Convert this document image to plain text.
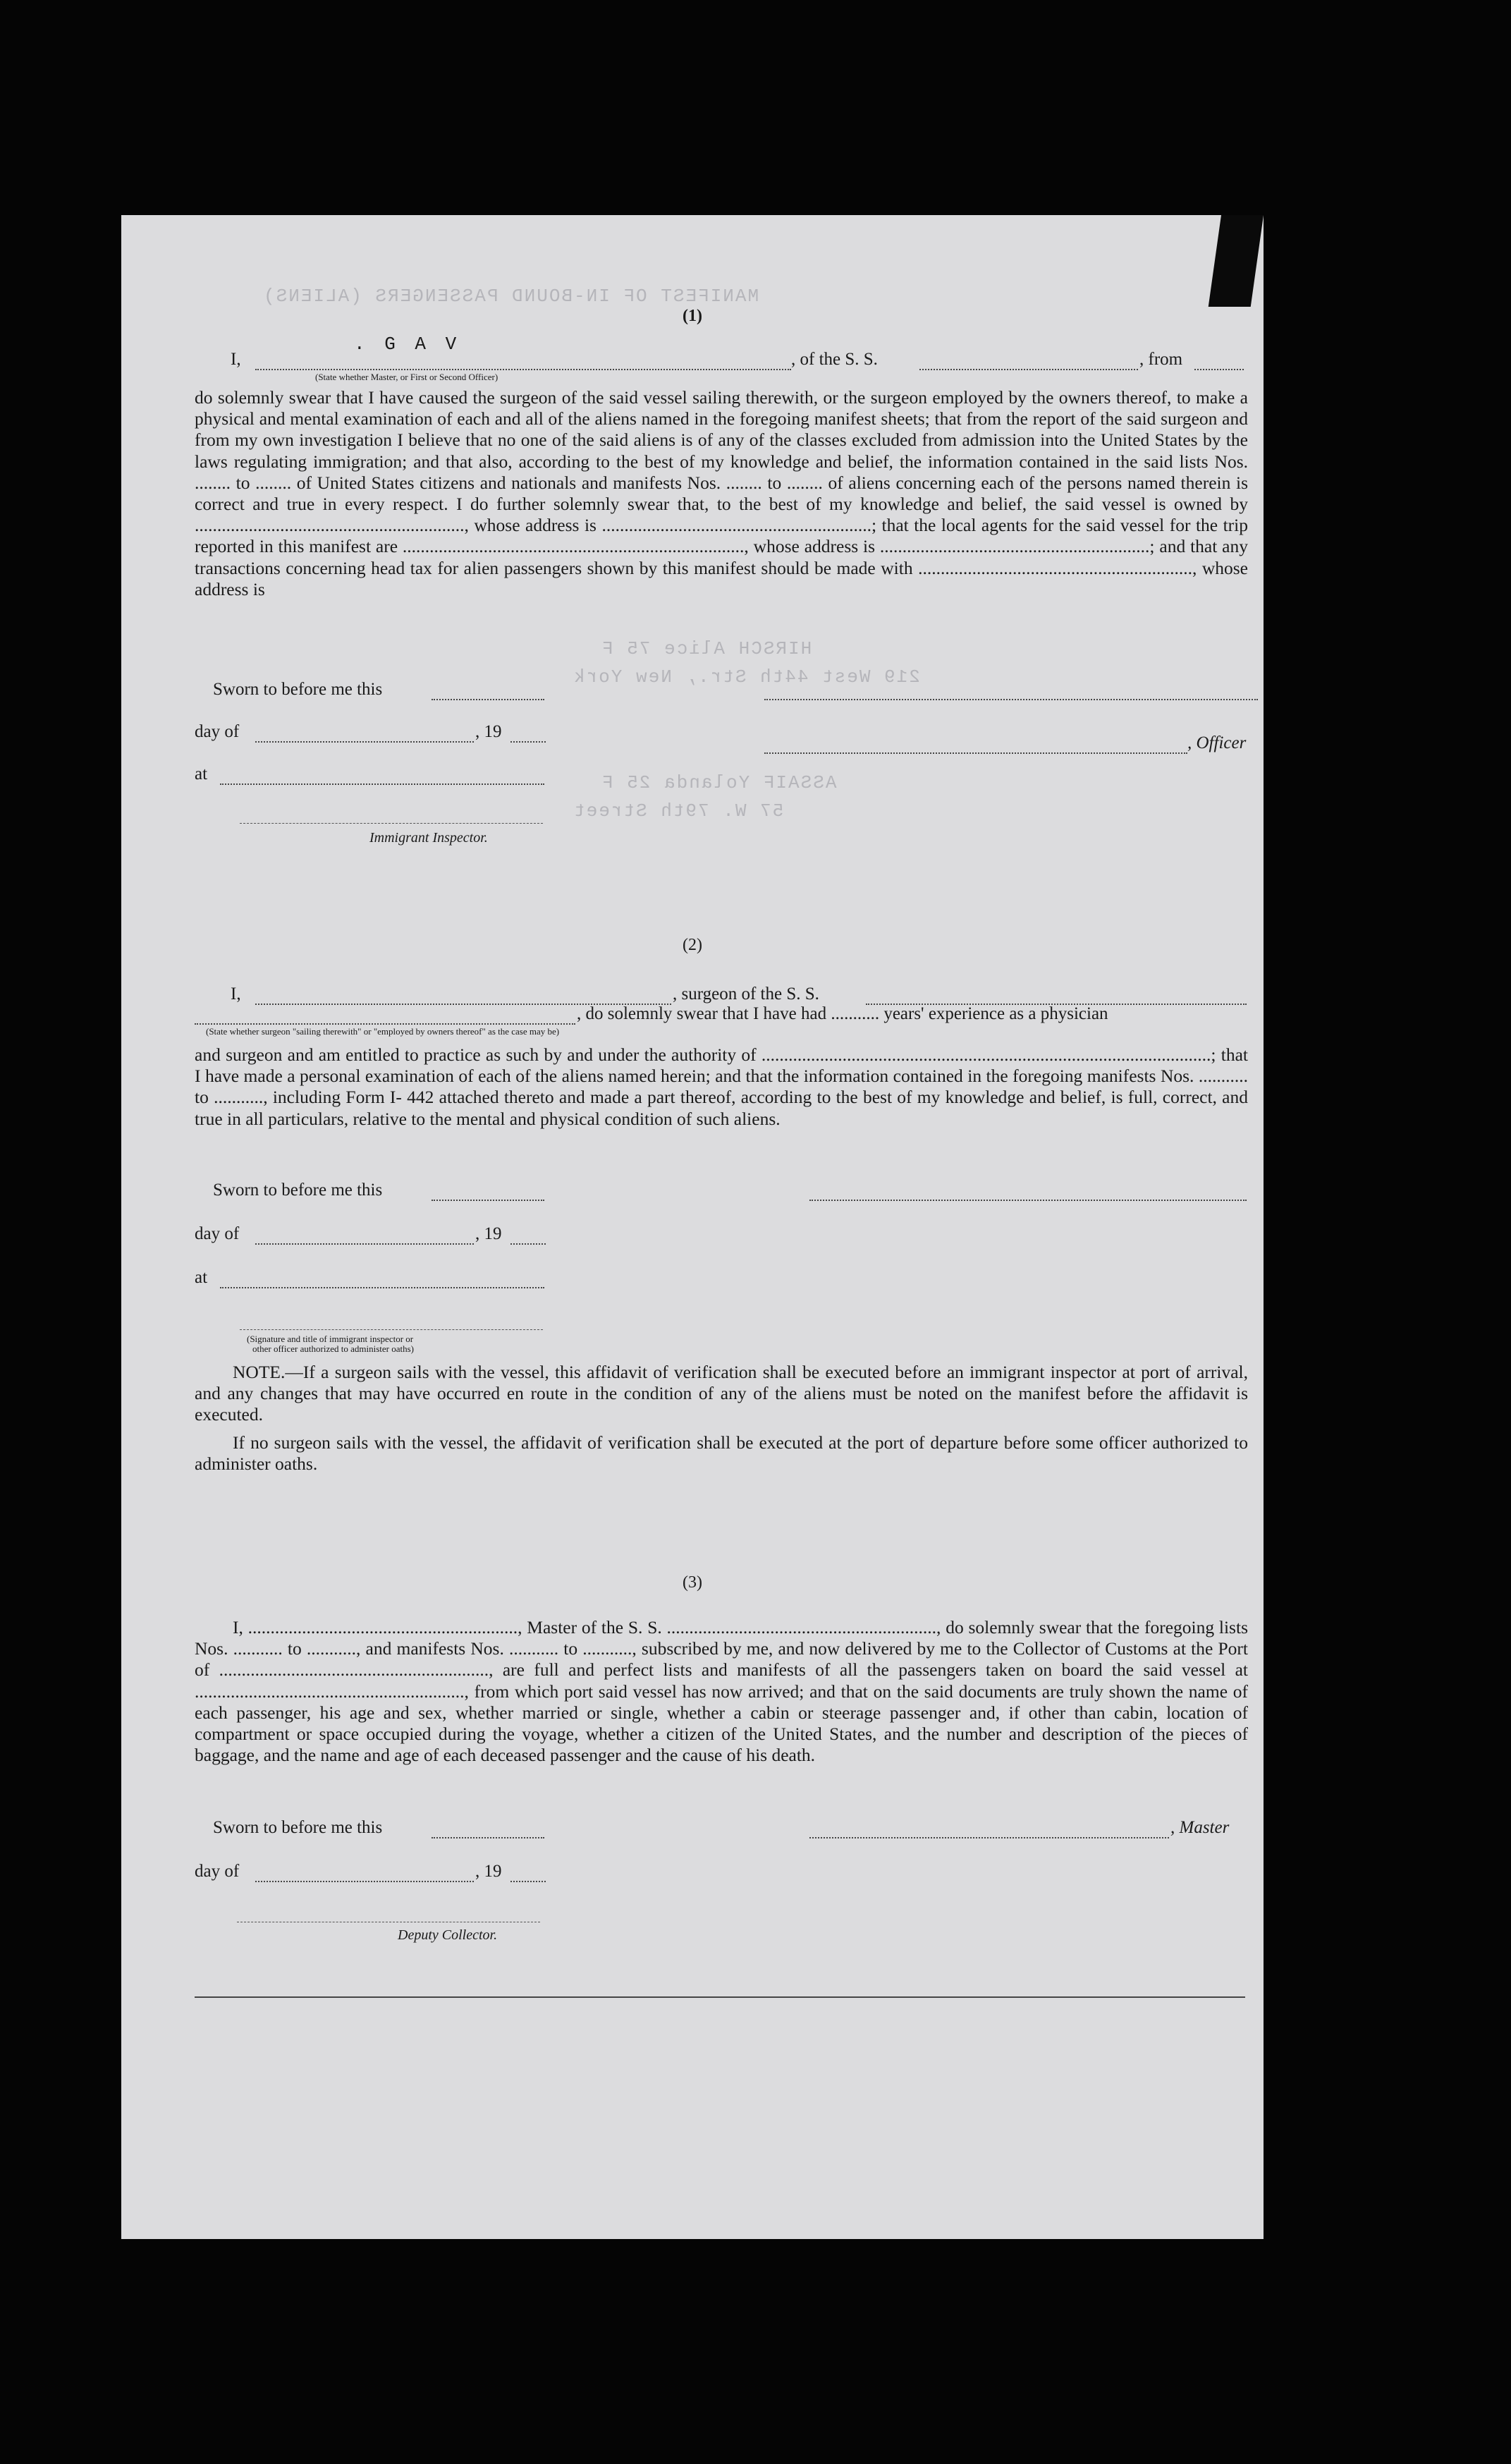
MANIFEST OF IN-BOUND PASSENGERS (ALIENS)
HIRSCH Alice 75 F
219 West 44th Str., New York
ASSAIF Yolanda 25 F
57 W. 79th Street
(1)
I,
. G A V
, of the S. S.	, from
(State whether Master, or First or Second Officer)

do solemnly swear that I have caused the surgeon of the said vessel sailing therewith, or the surgeon employed by the owners thereof, to make a physical and mental examination of each and all of the aliens named in the foregoing manifest sheets; that from the report of the said surgeon and from my own investigation I believe that no one of the said aliens is of any of the classes excluded from admission into the United States by the laws regulating immigration; and that also, according to the best of my knowledge and belief, the information contained in the said lists Nos. ........ to ........ of United States citizens and nationals and manifests Nos. ........ to ........ of aliens concerning each of the persons named therein is correct and true in every respect. I do further solemnly swear that, to the best of my knowledge and belief, the said vessel is owned by ............................................................, whose address is ............................................................; that the local agents for the said vessel for the trip reported in this manifest are ............................................................................, whose address is ............................................................; and that any transactions concerning head tax for alien passengers shown by this manifest should be made with ............................................................., whose address is

Sworn to before me this
day of	, 19
, Officer
at
Immigrant Inspector.
(2)
I,	, surgeon of the S. S.
, do solemnly swear that I have had ........... years' experience as a physician
(State whether surgeon "sailing therewith" or "employed by owners thereof" as the case may be)

and surgeon and am entitled to practice as such by and under the authority of ....................................................................................................; that I have made a personal examination of each of the aliens named herein; and that the information contained in the foregoing manifests Nos. ........... to ..........., including Form I- 442 attached thereto and made a part thereof, according to the best of my knowledge and belief, is full, correct, and true in all particulars, relative to the mental and physical condition of such aliens.

Sworn to before me this
day of	, 19
at
(Signature and title of immigrant inspector or
other officer authorized to administer oaths)

NOTE.—If a surgeon sails with the vessel, this affidavit of verification shall be executed before an immigrant inspector at port of arrival, and any changes that may have occurred en route in the condition of any of the aliens must be noted on the manifest before the affidavit is executed.

If no surgeon sails with the vessel, the affidavit of verification shall be executed at the port of departure before some officer authorized to administer oaths.

(3)

I, ............................................................, Master of the S. S. ............................................................, do solemnly swear that the foregoing lists Nos. ........... to ..........., and manifests Nos. ........... to ..........., subscribed by me, and now delivered by me to the Collector of Customs at the Port of ............................................................, are full and perfect lists and manifests of all the passengers taken on board the said vessel at ............................................................, from which port said vessel has now arrived; and that on the said documents are truly shown the name of each passenger, his age and sex, whether married or single, whether a cabin or steerage passenger and, if other than cabin, location of compartment or space occupied during the voyage, whether a citizen of the United States, and the number and description of the pieces of baggage, and the name and age of each deceased passenger and the cause of his death.

Sworn to before me this	, Master
day of	, 19
Deputy Collector.
